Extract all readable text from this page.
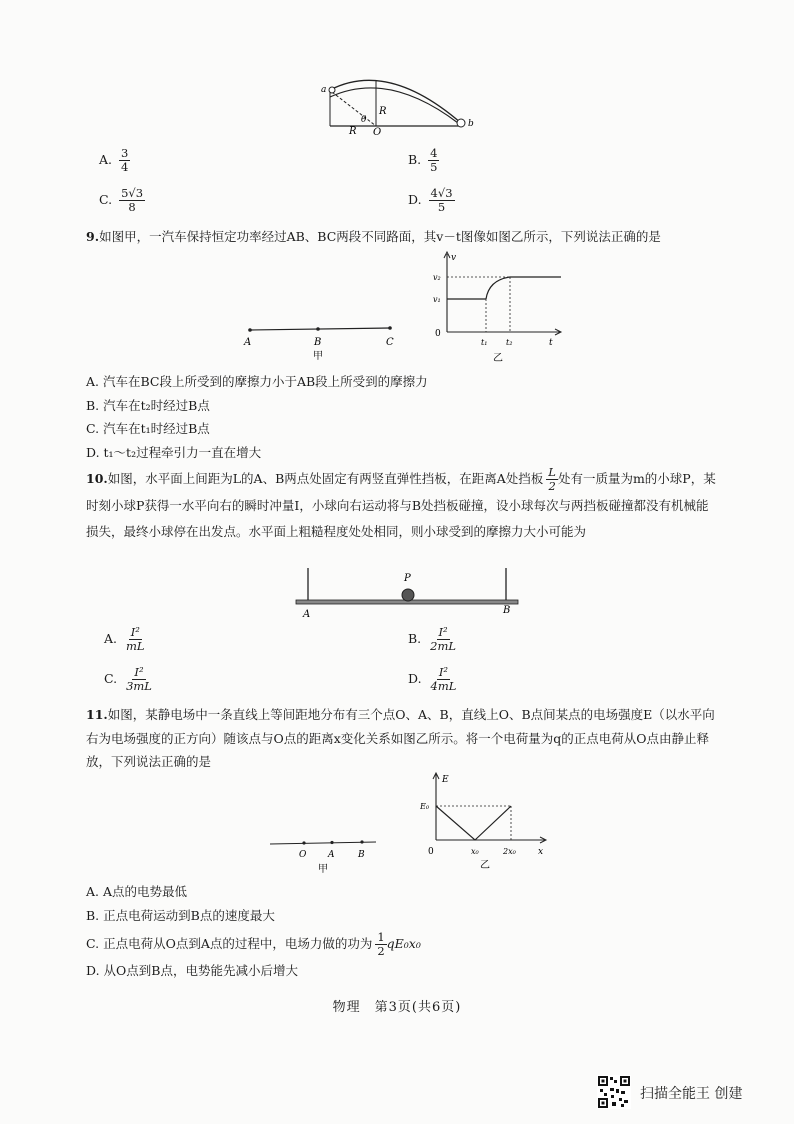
a
b
R
R
θ
O
A. $\frac{3}{4}$	B. $\frac{4}{5}$
C. $\frac{5√3}{8}$	D. $\frac{4√3}{5}$
9.如图甲，一汽车保持恒定功率经过AB、BC两段不同路面，其v－t图像如图乙所示，下列说法正确的是
A	B	C
甲
v
v₂
v₁
0
t₁ t₂	t
乙
A. 汽车在BC段上所受到的摩擦力小于AB段上所受到的摩擦力
B. 汽车在t₂时经过B点
C. 汽车在t₁时经过B点
D. t₁～t₂过程牵引力一直在增大
10.如图，水平面上间距为L的A、B两点处固定有两竖直弹性挡板，在距离A处挡板 $\frac{L}{2}$ 处有一质量为m的小球P，某时刻小球P获得一水平向右的瞬时冲量I，小球向右运动将与B处挡板碰撞，设小球每次与两挡板碰撞都没有机械能损失，最终小球停在出发点。水平面上粗糙程度处处相同，则小球受到的摩擦力大小可能为
P
A	B
A. $\frac{\text{I²}}{mL}$	B. $\frac{\text{I²}}{2mL}$
C. $\frac{\text{I²}}{3mL}$	D. $\frac{\text{I²}}{4mL}$
11.如图，某静电场中一条直线上等间距地分布有三个点O、A、B，直线上O、B点间某点的电场强度E（以水平向右为电场强度的正方向）随该点与O点的距离x变化关系如图乙所示。将一个电荷量为q的正点电荷从O点由静止释放，下列说法正确的是
O A	B
甲
E
E₀
0	x₀	2x₀ x
乙
A. A点的电势最低
B. 正点电荷运动到B点的速度最大
C. 正点电荷从O点到A点的过程中，电场力做的功为 $\frac{1}{2} qE_0x_0$
D. 从O点到B点，电势能先减小后增大
物理　第3页(共6页)
扫描全能王 创建
